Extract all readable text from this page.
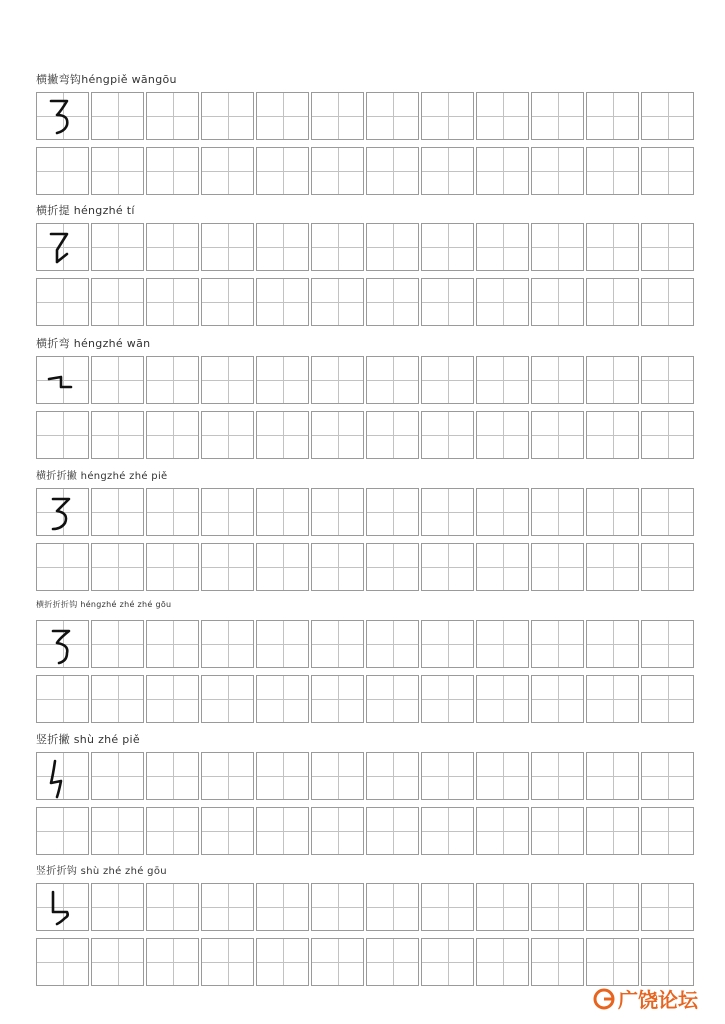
横撇弯钩héngpiě wāngōu
横折提 héngzhé tí
横折弯 héngzhé wān
横折折撇 héngzhé zhé piě
横折折折钩 héngzhé zhé zhé gōu
竖折撇 shù zhé piě
竖折折钩 shù zhé zhé gōu
广饶论坛
